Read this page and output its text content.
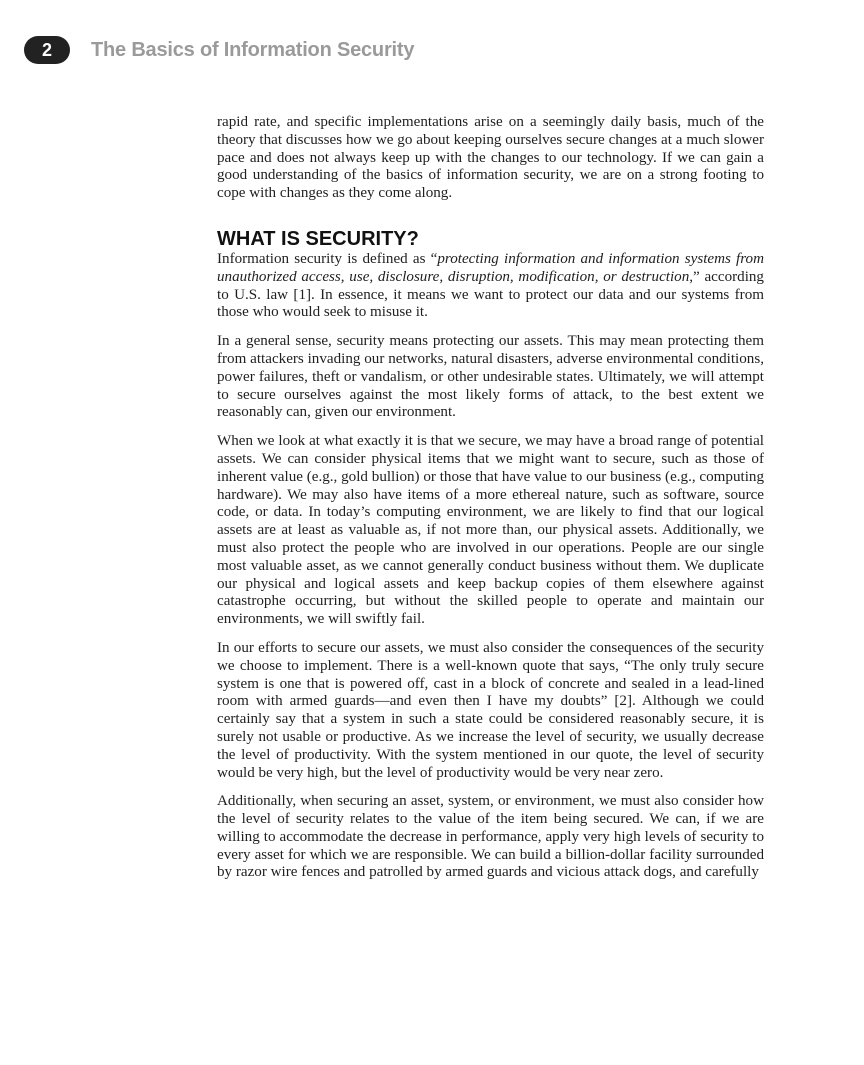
2	The Basics of Information Security

rapid rate, and specific implementations arise on a seemingly daily basis, much of the theory that discusses how we go about keeping ourselves secure changes at a much slower pace and does not always keep up with the changes to our technology. If we can gain a good understanding of the basics of information security, we are on a strong footing to cope with changes as they come along.

WHAT IS SECURITY?

Information security is defined as “protecting information and information systems from unauthorized access, use, disclosure, disruption, modification, or destruction,” according to U.S. law [1]. In essence, it means we want to protect our data and our systems from those who would seek to misuse it.

In a general sense, security means protecting our assets. This may mean protecting them from attackers invading our networks, natural disasters, adverse environmental conditions, power failures, theft or vandalism, or other undesirable states. Ultimately, we will attempt to secure ourselves against the most likely forms of attack, to the best extent we reasonably can, given our environment.

When we look at what exactly it is that we secure, we may have a broad range of potential assets. We can consider physical items that we might want to secure, such as those of inherent value (e.g., gold bullion) or those that have value to our business (e.g., computing hardware). We may also have items of a more ethereal nature, such as software, source code, or data. In today’s computing environment, we are likely to find that our logical assets are at least as valuable as, if not more than, our physical assets. Additionally, we must also protect the people who are involved in our operations. People are our single most valuable asset, as we cannot generally conduct business without them. We duplicate our physical and logical assets and keep backup copies of them elsewhere against catastrophe occurring, but without the skilled people to operate and maintain our environments, we will swiftly fail.

In our efforts to secure our assets, we must also consider the consequences of the security we choose to implement. There is a well-known quote that says, “The only truly secure system is one that is powered off, cast in a block of concrete and sealed in a lead-lined room with armed guards—and even then I have my doubts” [2]. Although we could certainly say that a system in such a state could be considered reasonably secure, it is surely not usable or productive. As we increase the level of security, we usually decrease the level of productivity. With the system mentioned in our quote, the level of security would be very high, but the level of productivity would be very near zero.

Additionally, when securing an asset, system, or environment, we must also consider how the level of security relates to the value of the item being secured. We can, if we are willing to accommodate the decrease in performance, apply very high levels of security to every asset for which we are responsible. We can build a billion-dollar facility surrounded by razor wire fences and patrolled by armed guards and vicious attack dogs, and carefully
